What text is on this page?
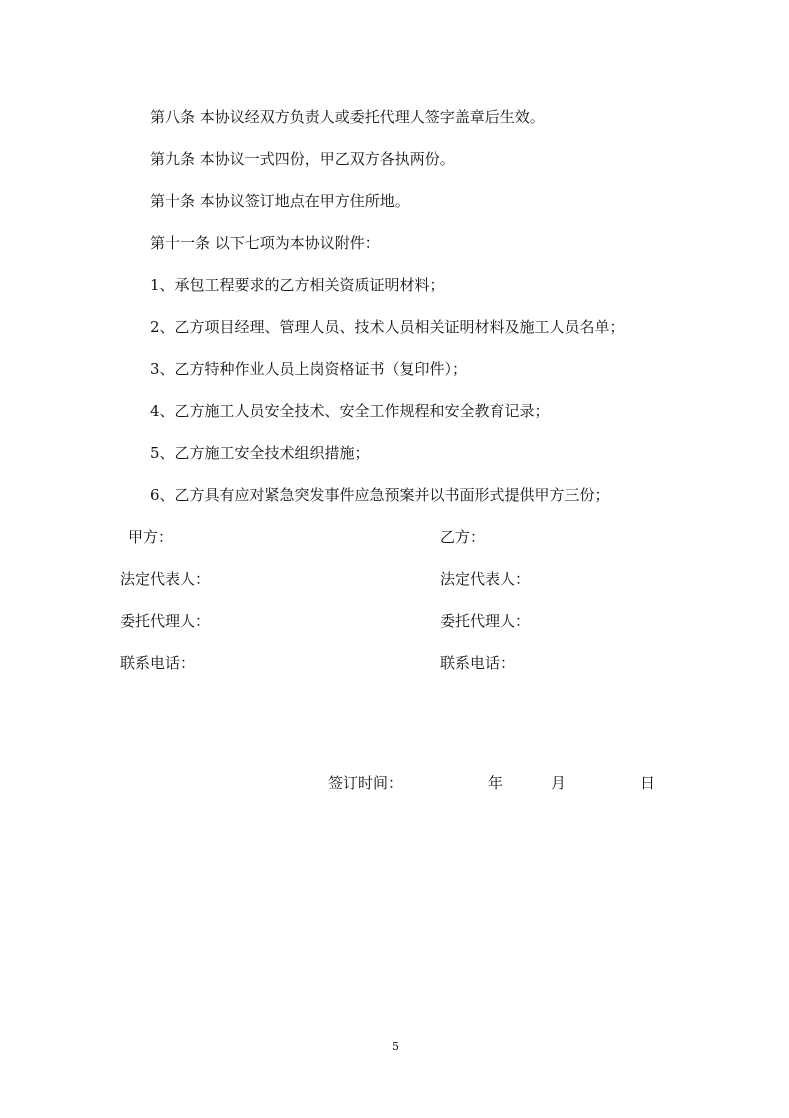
第八条 本协议经双方负责人或委托代理人签字盖章后生效。
第九条 本协议一式四份，甲乙双方各执两份。
第十条 本协议签订地点在甲方住所地。
第十一条 以下七项为本协议附件：
1、承包工程要求的乙方相关资质证明材料；
2、乙方项目经理、管理人员、技术人员相关证明材料及施工人员名单；
3、乙方特种作业人员上岗资格证书（复印件）；
4、乙方施工人员安全技术、安全工作规程和安全教育记录；
5、乙方施工安全技术组织措施；
6、乙方具有应对紧急突发事件应急预案并以书面形式提供甲方三份；
甲方：	乙方：
法定代表人：	法定代表人：
委托代理人：	委托代理人：
联系电话：	联系电话：
签订时间：	年	月	日
5
